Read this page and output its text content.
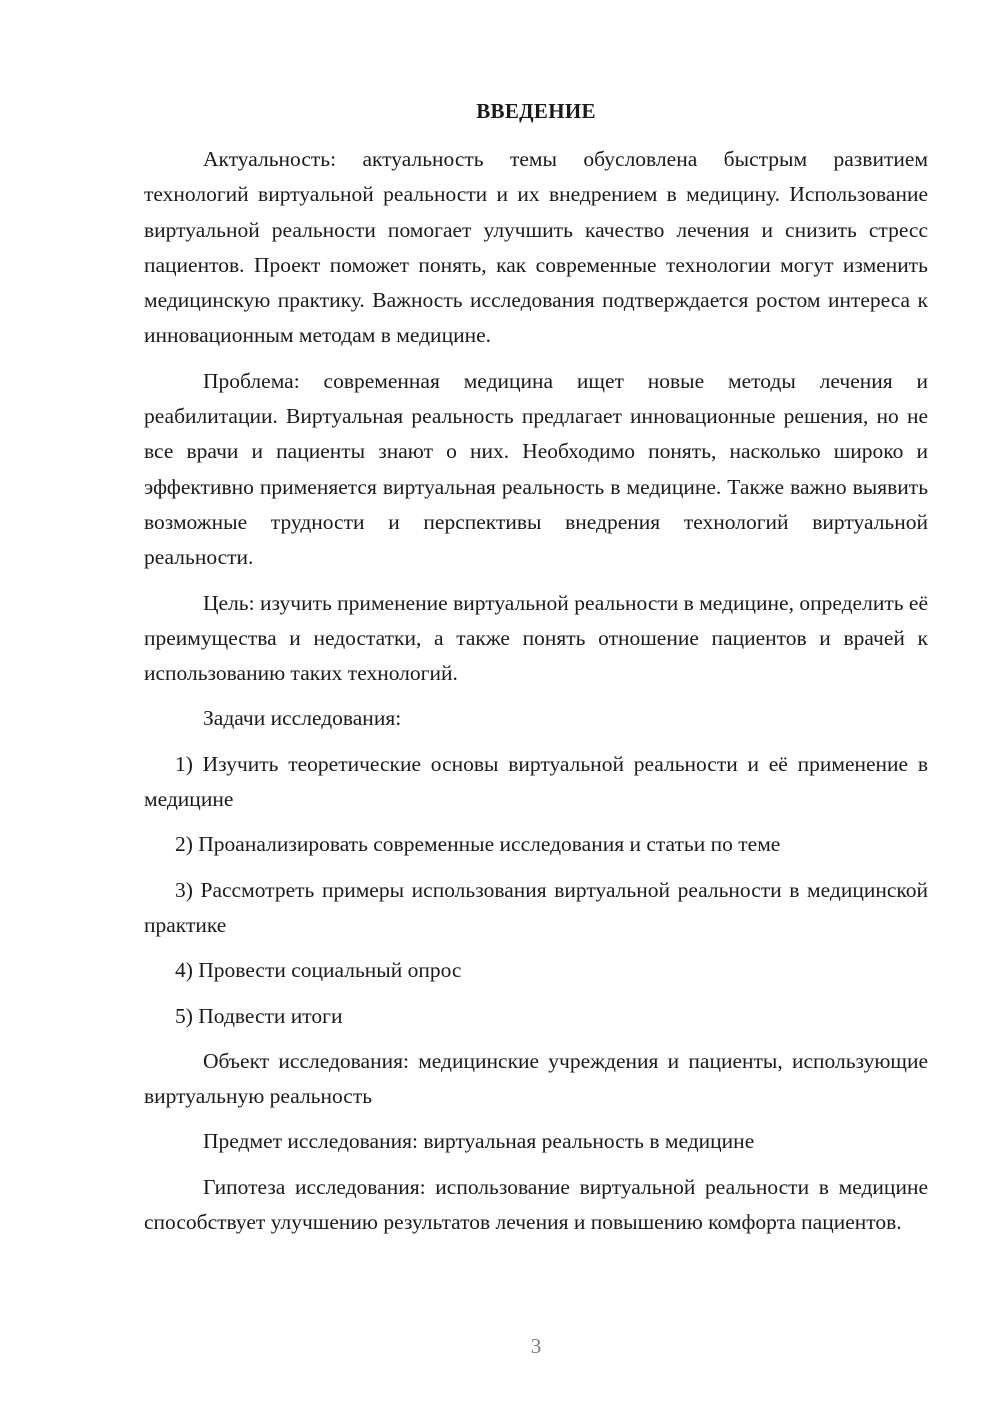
ВВЕДЕНИЕ

Актуальность: актуальность темы обусловлена быстрым развитием технологий виртуальной реальности и их внедрением в медицину. Использование виртуальной реальности помогает улучшить качество лечения и снизить стресс пациентов. Проект поможет понять, как современные технологии могут изменить медицинскую практику. Важность исследования подтверждается ростом интереса к инновационным методам в медицине.

Проблема: современная медицина ищет новые методы лечения и реабилитации. Виртуальная реальность предлагает инновационные решения, но не все врачи и пациенты знают о них. Необходимо понять, насколько широко и эффективно применяется виртуальная реальность в медицине. Также важно выявить возможные трудности и перспективы внедрения технологий виртуальной реальности.

Цель: изучить применение виртуальной реальности в медицине, определить её преимущества и недостатки, а также понять отношение пациентов и врачей к использованию таких технологий.

Задачи исследования:

1) Изучить теоретические основы виртуальной реальности и её применение в медицине

2) Проанализировать современные исследования и статьи по теме

3) Рассмотреть примеры использования виртуальной реальности в медицинской практике

4) Провести социальный опрос

5) Подвести итоги

Объект исследования: медицинские учреждения и пациенты, использующие виртуальную реальность

Предмет исследования: виртуальная реальность в медицине

Гипотеза исследования: использование виртуальной реальности в медицине способствует улучшению результатов лечения и повышению комфорта пациентов.

3
